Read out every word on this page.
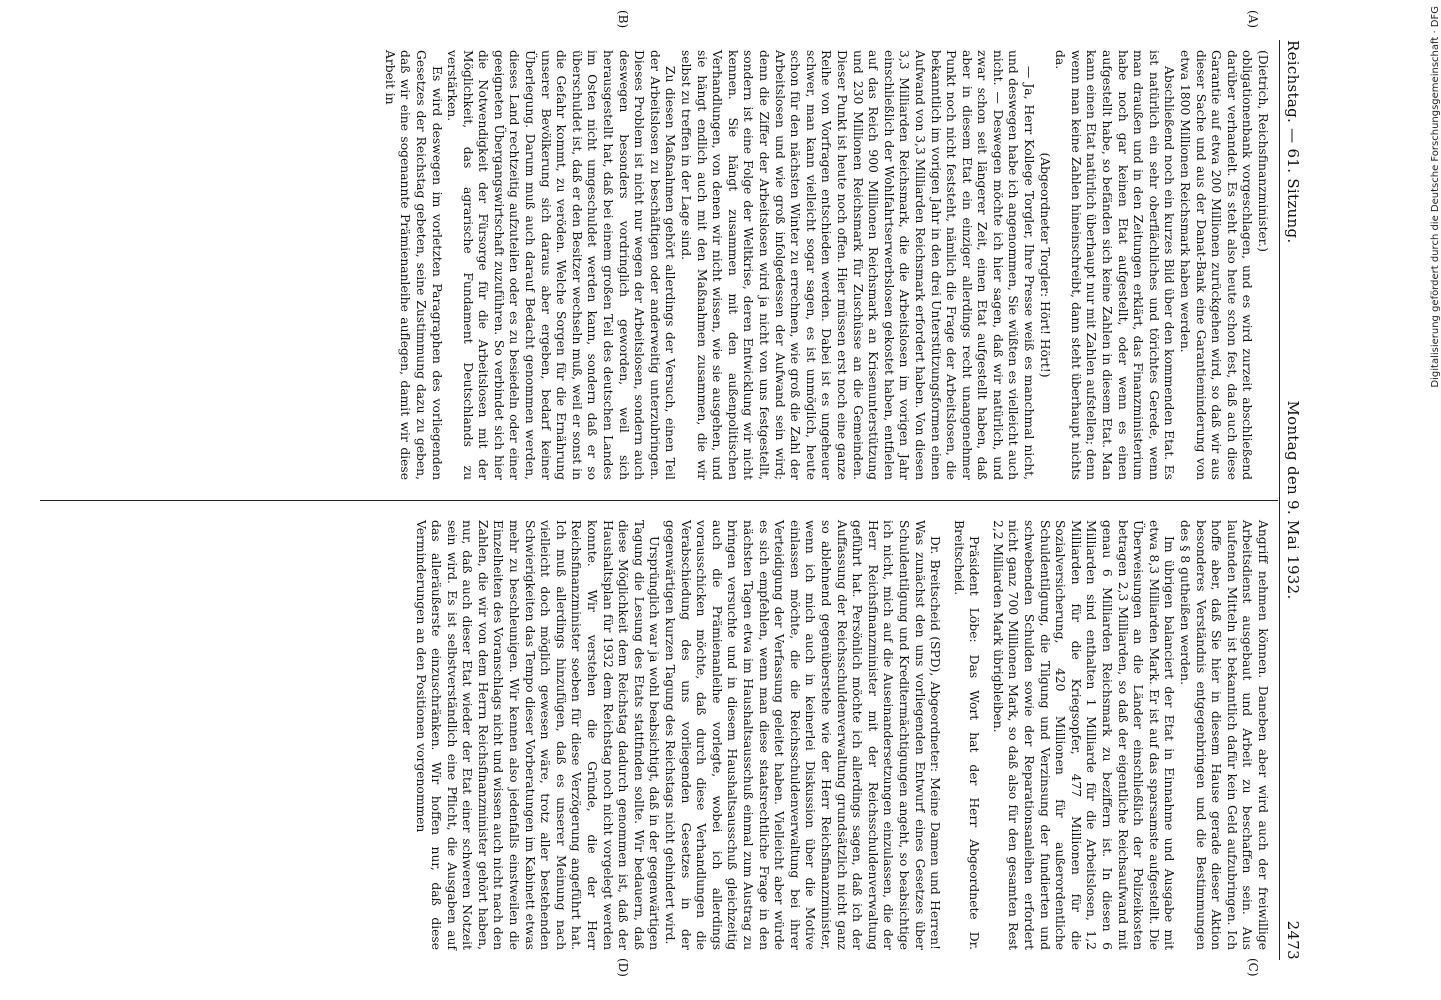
Reichstag. — 61. Sitzung.
Montag den 9. Mai 1932.
2473
(A)
(B)
(C)
(D)

(Dietrich, Reichsfinanzminister.)

obligationenbank vorgeschlagen, und es wird zurzeit abschließend darüber verhandelt. Es steht also heute schon fest, daß auch diese Garantie auf etwa 200 Millionen zurückgehen wird, so daß wir aus dieser Sache und aus der Danat-Bank eine Garantieminderung von etwa 1800 Millionen Reichsmark haben werden.

Abschließend noch ein kurzes Bild über den kommenden Etat. Es ist natürlich ein sehr oberflächliches und törichtes Gerede, wenn man draußen und in den Zeitungen erklärt, das Finanzministerium habe noch gar keinen Etat aufgestellt, oder wenn es einen aufgestellt habe, so befänden sich keine Zahlen in diesem Etat. Man kann einen Etat natürlich überhaupt nur mit Zahlen aufstellen; denn wenn man keine Zahlen hineinschreibt, dann steht überhaupt nichts da.

(Abgeordneter Torgler: Hört! Hört!)

— Ja, Herr Kollege Torgler, Ihre Presse weiß es manchmal nicht, und deswegen habe ich angenommen, Sie wüßten es vielleicht auch nicht. — Deswegen möchte ich hier sagen, daß wir natürlich, und zwar schon seit längerer Zeit, einen Etat aufgestellt haben, daß aber in diesem Etat ein einziger allerdings recht unangenehmer Punkt noch nicht feststeht, nämlich die Frage der Arbeitslosen, die bekanntlich im vorigen Jahr in den drei Unterstützungsformen einen Aufwand von 3,3 Milliarden Reichsmark erfordert haben. Von diesen 3,3 Milliarden Reichsmark, die die Arbeitslosen im vorigen Jahr einschließlich der Wohlfahrtserwerbslosen gekostet haben, entfielen auf das Reich 900 Millionen Reichsmark an Krisenunterstützung und 230 Millionen Reichsmark für Zuschüsse an die Gemeinden. Dieser Punkt ist heute noch offen. Hier müssen erst noch eine ganze Reihe von Vorfragen entschieden werden. Dabei ist es ungeheuer schwer, man kann vielleicht sogar sagen, es ist unmöglich, heute schon für den nächsten Winter zu errechnen, wie groß die Zahl der Arbeitslosen und wie groß infolgedessen der Aufwand sein wird; denn die Ziffer der Arbeitslosen wird ja nicht von uns festgestellt, sondern ist eine Folge der Weltkrise, deren Entwicklung wir nicht kennen. Sie hängt zusammen mit den außenpolitischen Verhandlungen, von denen wir nicht wissen, wie sie ausgehen, und sie hängt endlich auch mit den Maßnahmen zusammen, die wir selbst zu treffen in der Lage sind.

Zu diesen Maßnahmen gehört allerdings der Versuch, einen Teil der Arbeitslosen zu beschäftigen oder anderweitig unterzubringen. Dieses Problem ist nicht nur wegen der Arbeitslosen, sondern auch deswegen besonders vordringlich geworden, weil sich herausgestellt hat, daß bei einem großen Teil des deutschen Landes im Osten nicht umgeschuldet werden kann, sondern daß er so überschuldet ist, daß er den Besitzer wechseln muß, weil er sonst in die Gefahr kommt, zu veröden. Welche Sorgen für die Ernährung unserer Bevölkerung sich daraus aber ergeben, bedarf keiner Überlegung. Darum muß auch darauf Bedacht genommen werden, dieses Land rechtzeitig aufzuteilen oder es zu besiedeln oder einer geeigneten Übergangswirtschaft zuzuführen. So verbindet sich hier die Notwendigkeit der Fürsorge für die Arbeitslosen mit der Möglichkeit, das agrarische Fundament Deutschlands zu verstärken.

Es wird deswegen im vorletzten Paragraphen des vorliegenden Gesetzes der Reichstag gebeten, seine Zustimmung dazu zu geben, daß wir eine sogenannte Prämienanleihe auflegen, damit wir diese Arbeit in

Angriff nehmen können. Daneben aber wird auch der freiwillige Arbeitsdienst ausgebaut und Arbeit zu beschaffen sein. Aus laufenden Mitteln ist bekanntlich dafür kein Geld aufzubringen. Ich hoffe aber, daß Sie hier in diesem Hause gerade dieser Aktion besonderes Verständnis entgegenbringen und die Bestimmungen des § 8 gutheißen werden.

Im übrigen balanciert der Etat in Einnahme und Ausgabe mit etwa 8,3 Milliarden Mark. Er ist auf das sparsamste aufgestellt. Die Überweisungen an die Länder einschließlich der Polizeikosten betragen 2,3 Milliarden, so daß der eigentliche Reichsaufwand mit genau 6 Milliarden Reichsmark zu beziffern ist. In diesen 6 Milliarden sind enthalten 1 Milliarde für die Arbeitslosen, 1,2 Milliarden für die Kriegsopfer, 477 Millionen für die Sozialversicherung, 420 Millionen für außerordentliche Schuldentilgung, die Tilgung und Verzinsung der fundierten und schwebenden Schulden sowie der Reparationsanleihen erfordert nicht ganz 700 Millionen Mark, so daß also für den gesamten Rest 2,2 Milliarden Mark übrigbleiben.

Präsident Löbe: Das Wort hat der Herr Abgeordnete Dr. Breitscheid.

Dr. Breitscheid (SPD), Abgeordneter: Meine Damen und Herren! Was zunächst den uns vorliegenden Entwurf eines Gesetzes über Schuldentilgung und Kreditermächtigungen angeht, so beabsichtige ich nicht, mich auf die Auseinandersetzungen einzulassen, die der Herr Reichsfinanzminister mit der Reichsschuldenverwaltung geführt hat. Persönlich möchte ich allerdings sagen, daß ich der Auffassung der Reichsschuldenverwaltung grundsätzlich nicht ganz so ablehnend gegenüberstehe wie der Herr Reichsfinanzminister, wenn ich mich auch in keinerlei Diskussion über die Motive einlassen möchte, die die Reichsschuldenverwaltung bei ihrer Verteidigung der Verfassung geleitet haben. Vielleicht aber würde es sich empfehlen, wenn man diese staatsrechtliche Frage in den nächsten Tagen etwa im Haushaltsausschuß einmal zum Austrag zu bringen versuchte und in diesem Haushaltsausschuß gleichzeitig auch die Prämienanleihe vorlegte, wobei ich allerdings vorausschicken möchte, daß durch diese Verhandlungen die Verabschiedung des uns vorliegenden Gesetzes in der gegenwärtigen kurzen Tagung des Reichstags nicht gehindert wird.

Ursprünglich war ja wohl beabsichtigt, daß in der gegenwärtigen Tagung die Lesung des Etats stattfinden sollte. Wir bedauern, daß diese Möglichkeit dem Reichstag dadurch genommen ist, daß der Haushaltsplan für 1932 dem Reichstag noch nicht vorgelegt werden konnte. Wir verstehen die Gründe, die der Herr Reichsfinanzminister soeben für diese Verzögerung angeführt hat. Ich muß allerdings hinzufügen, daß es unserer Meinung nach vielleicht doch möglich gewesen wäre, trotz aller bestehenden Schwierigkeiten das Tempo dieser Vorberatungen im Kabinett etwas mehr zu beschleunigen. Wir kennen also jedenfalls einstweilen die Einzelheiten des Voranschlags nicht und wissen auch nicht nach den Zahlen, die wir von dem Herrn Reichsfinanzminister gehört haben, nur, daß auch dieser Etat wieder der Etat einer schweren Notzeit sein wird. Es ist selbstverständlich eine Pflicht, die Ausgaben auf das alleräußerste einzuschränken. Wir hoffen nur, daß diese Verminderungen an den Positionen vorgenommen

Digitalisierung gefördert durch die Deutsche Forschungsgemeinschaft · DFG
